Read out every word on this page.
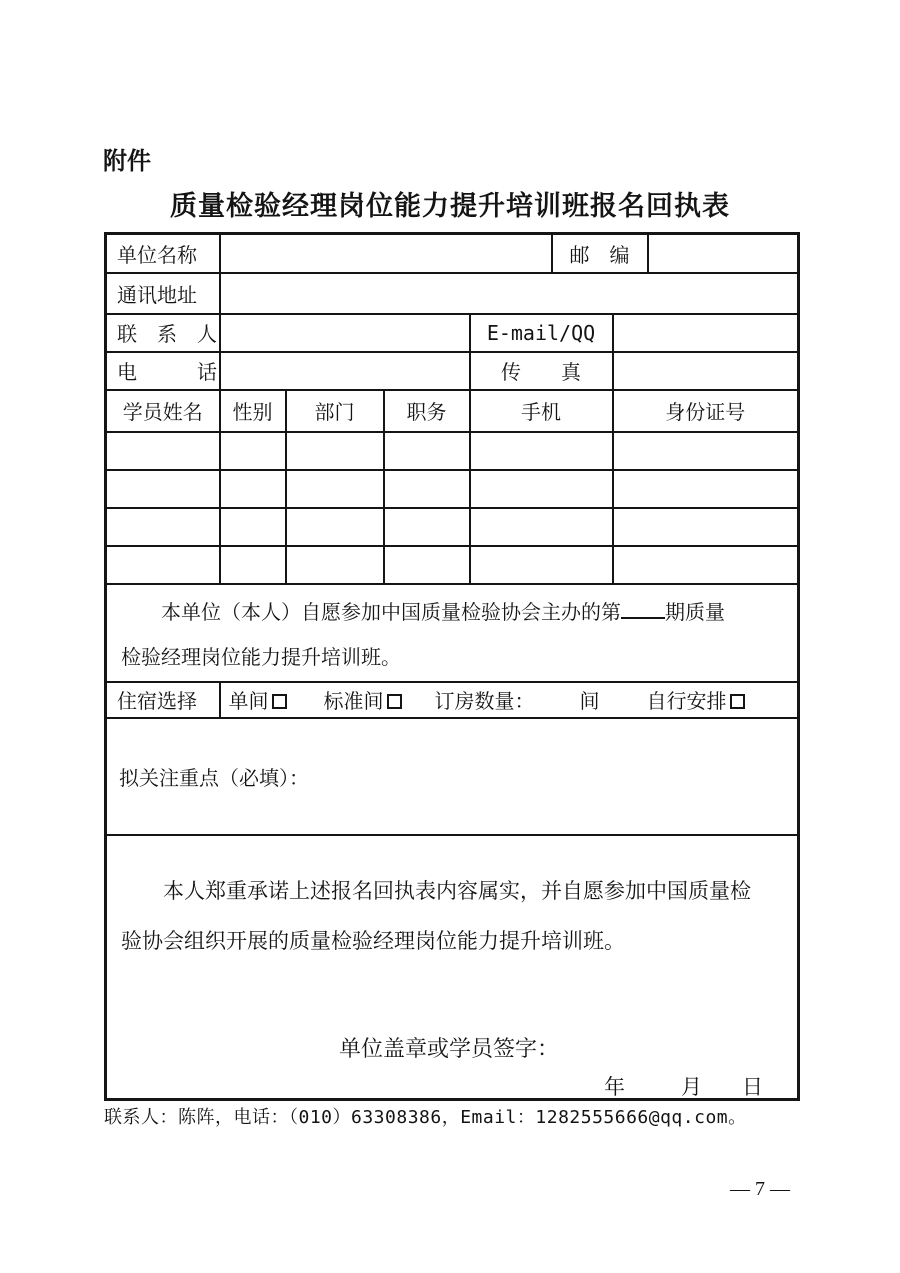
附件
质量检验经理岗位能力提升培训班报名回执表
单位名称					邮　编		
通讯地址							
联　系　人				E-mail/QQ			
电　　　话				传　　真			
学员姓名	性别	部门	职务	手机		身份证号	

本单位（本人）自愿参加中国质量检验协会主办的第 期质量
检验经理岗位能力提升培训班。							
住宿选择	单间 标准间 订房数量： 间 自行安排						
拟关注重点（必填）：							

本人郑重承诺上述报名回执表内容属实，并自愿参加中国质量检
验协会组织开展的质量检验经理岗位能力提升培训班。
单位盖章或学员签字：
年 月 日							
联系人：陈阵，电话：（010）63308386，Email：1282555666@qq.com。
— 7 —
